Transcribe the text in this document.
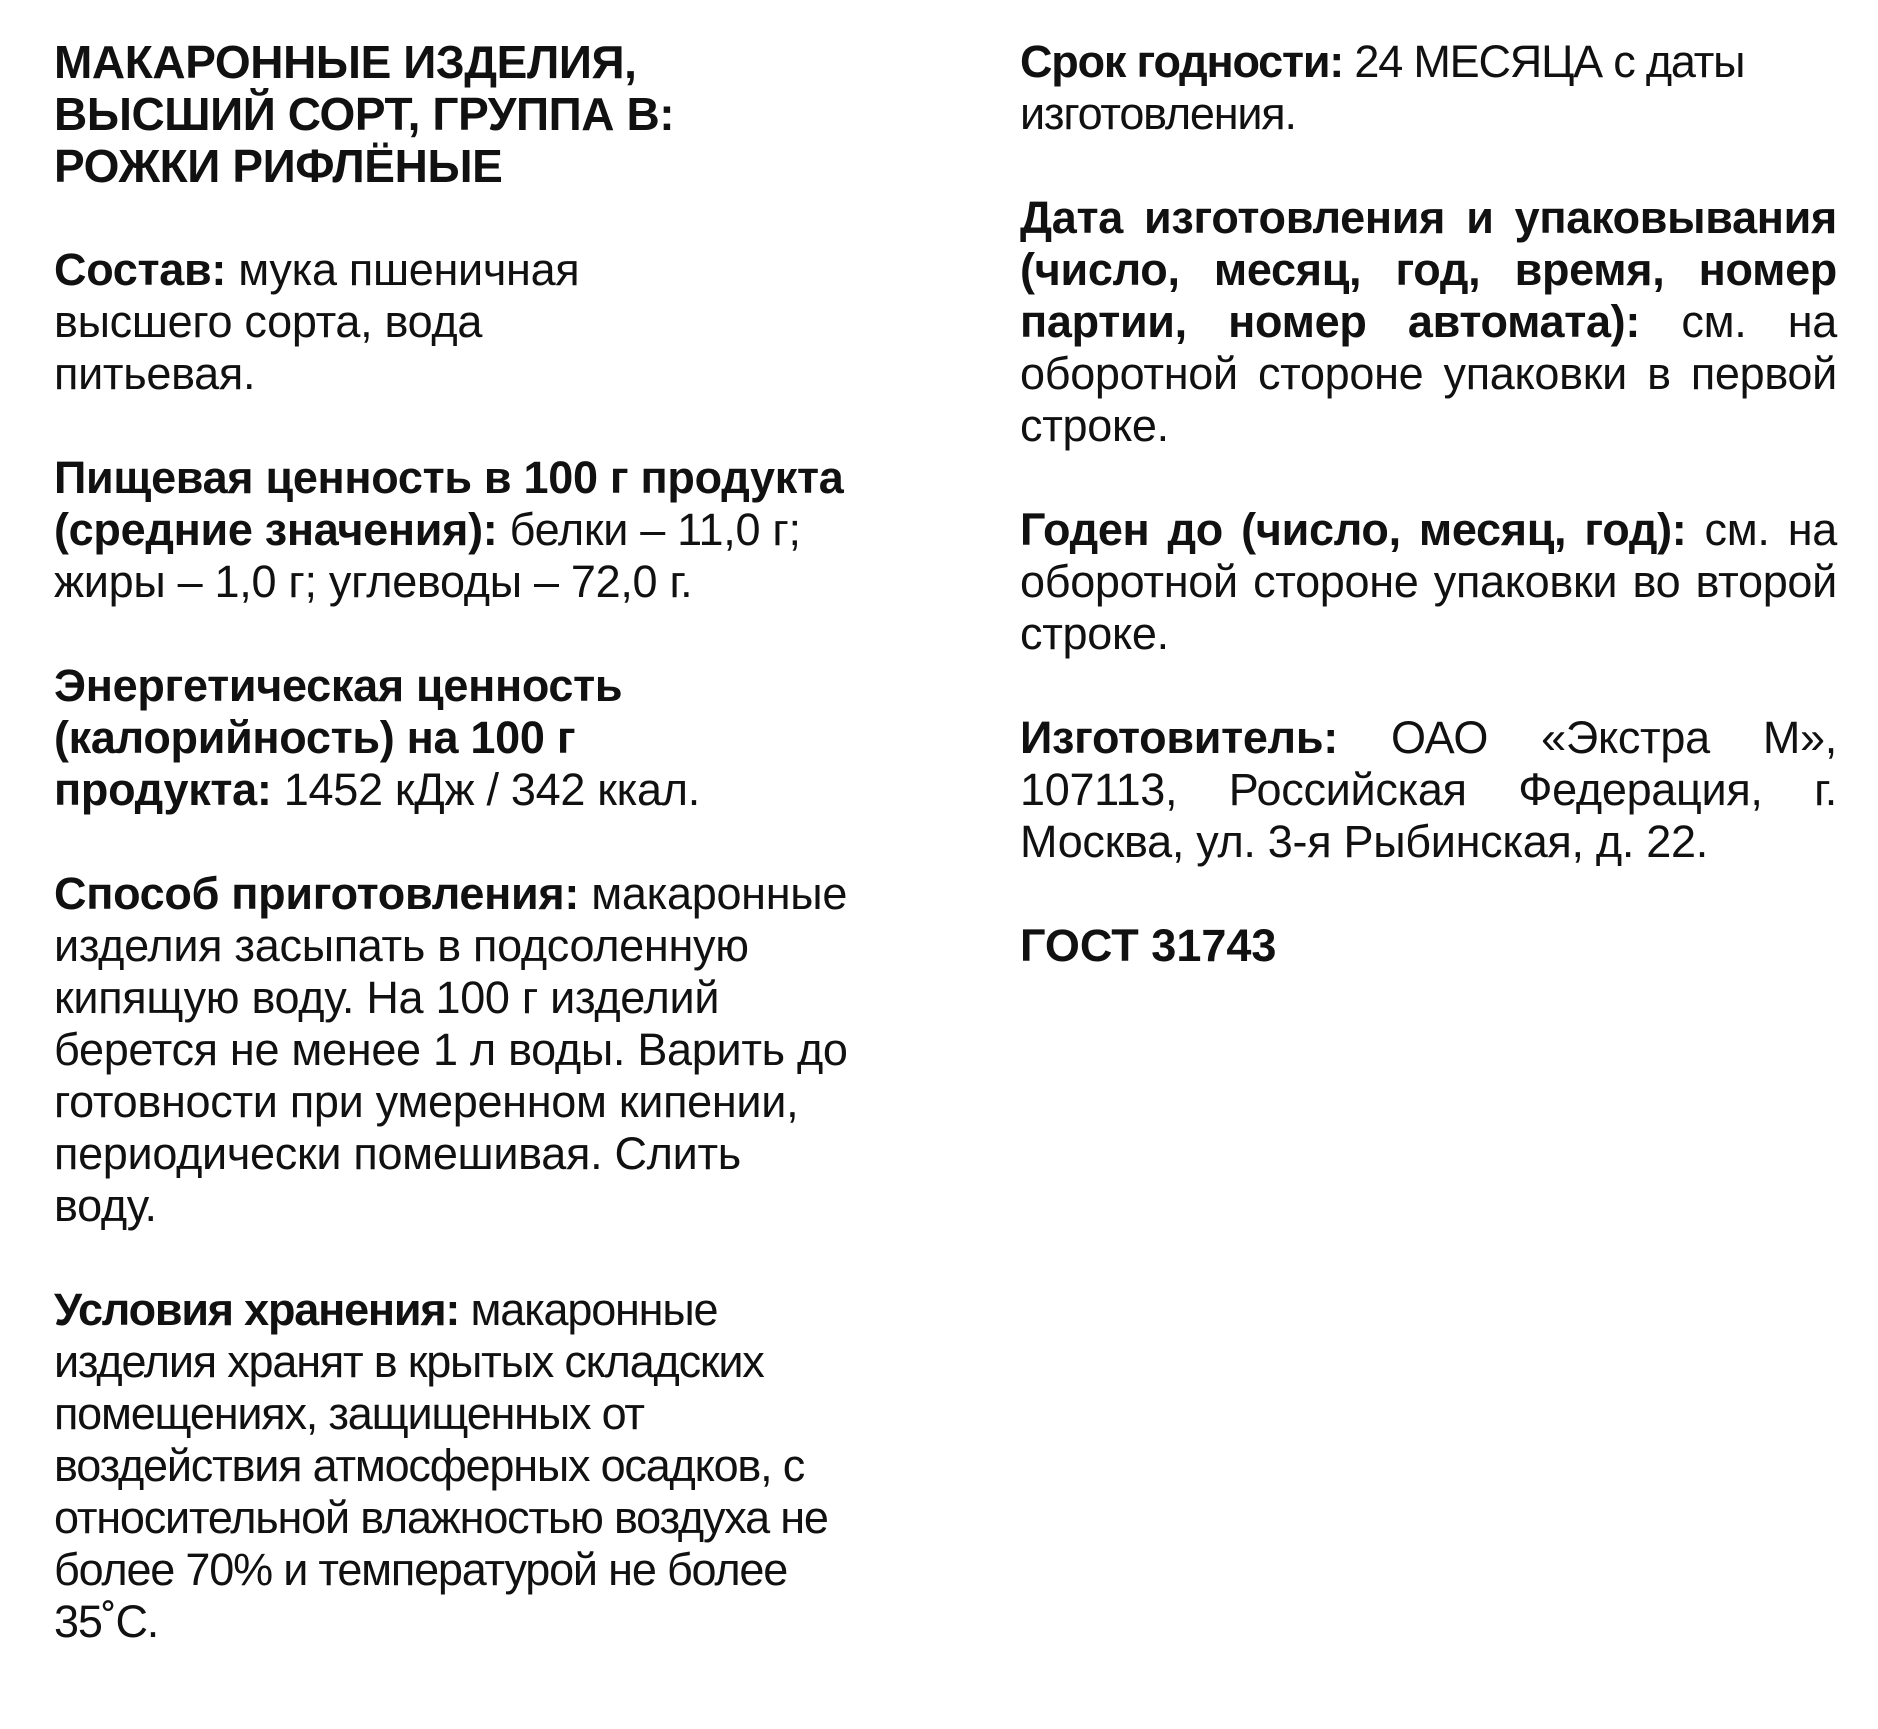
МАКАРОННЫЕ ИЗДЕЛИЯ,
ВЫСШИЙ СОРТ, ГРУППА В:
РОЖКИ РИФЛЁНЫЕ

Состав: мука пшеничная высшего сорта, вода питьевая.

Пищевая ценность в 100 г продукта (средние значения): белки – 11,0 г; жиры – 1,0 г; углеводы – 72,0 г.

Энергетическая ценность (калорийность) на 100 г продукта: 1452 кДж / 342 ккал.

Способ приготовления: макаронные изделия засыпать в подсоленную кипящую воду. На 100 г изделий берется не менее 1 л воды. Варить до готовности при умеренном кипении, периодически помешивая. Слить воду.

Условия хранения: макаронные изделия хранят в крытых складских помещениях, защищенных от воздействия атмосферных осадков, с относительной влажностью воздуха не более 70% и температурой не более 35˚С.

Срок годности: 24 МЕСЯЦА с даты изготовления.

Дата изготовления и упаковывания (число, месяц, год, время, номер партии, номер автомата): см. на оборотной стороне упаковки в первой строке.

Годен до (число, месяц, год): см. на оборотной стороне упаковки во второй строке.

Изготовитель: ОАО «Экстра М», 107113, Российская Федерация, г. Москва, ул. 3-я Рыбинская, д. 22.

ГОСТ 31743
